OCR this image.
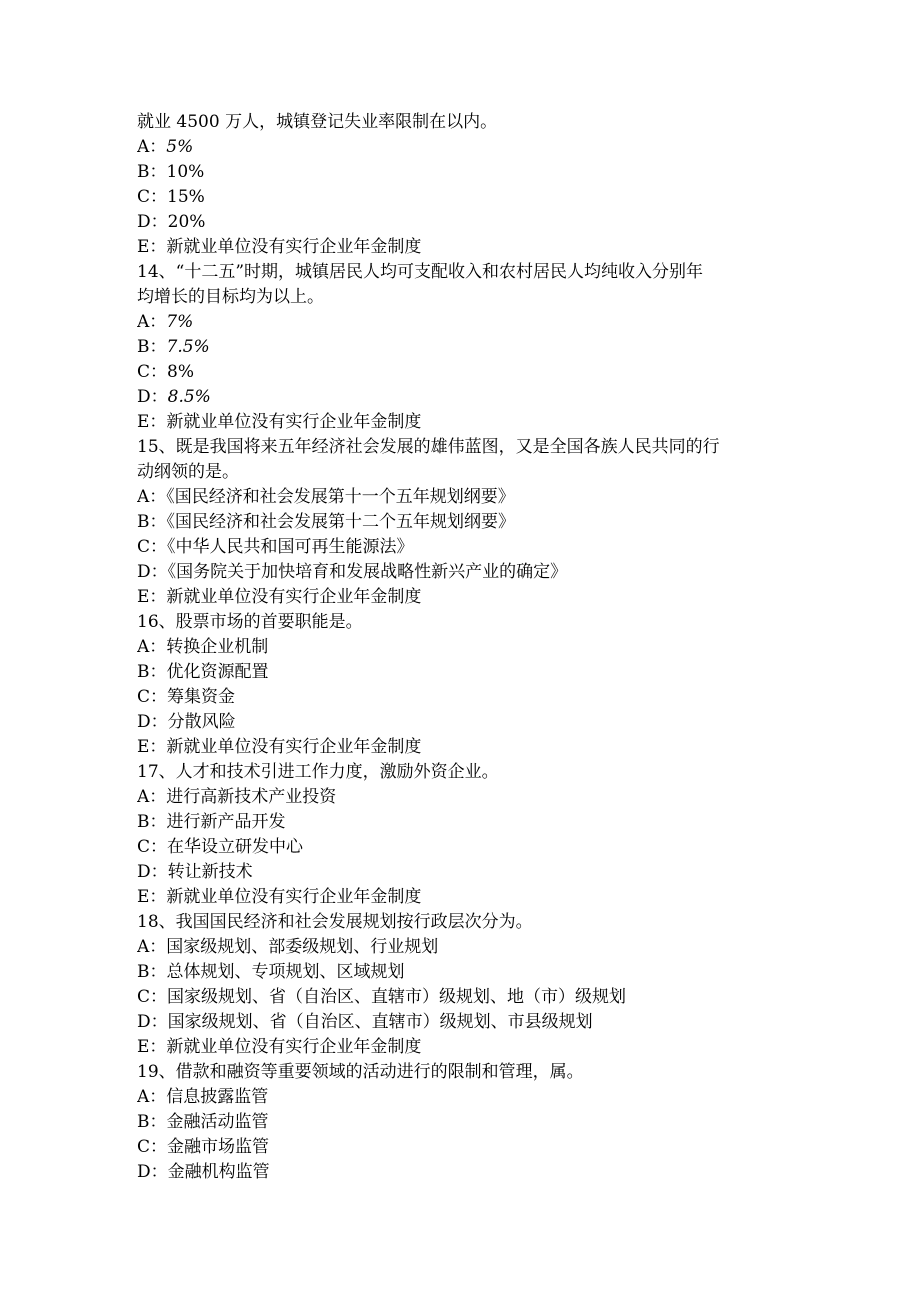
就业 4500 万人，城镇登记失业率限制在以内。
A：5%
B：10%
C：15%
D：20%
E：新就业单位没有实行企业年金制度
14、“十二五”时期，城镇居民人均可支配收入和农村居民人均纯收入分别年
均增长的目标均为以上。
A：7%
B：7.5%
C：8%
D：8.5%
E：新就业单位没有实行企业年金制度
15、既是我国将来五年经济社会发展的雄伟蓝图，又是全国各族人民共同的行
动纲领的是。
A：《国民经济和社会发展第十一个五年规划纲要》
B：《国民经济和社会发展第十二个五年规划纲要》
C：《中华人民共和国可再生能源法》
D：《国务院关于加快培育和发展战略性新兴产业的确定》
E：新就业单位没有实行企业年金制度
16、股票市场的首要职能是。
A：转换企业机制
B：优化资源配置
C：筹集资金
D：分散风险
E：新就业单位没有实行企业年金制度
17、人才和技术引进工作力度，激励外资企业。
A：进行高新技术产业投资
B：进行新产品开发
C：在华设立研发中心
D：转让新技术
E：新就业单位没有实行企业年金制度
18、我国国民经济和社会发展规划按行政层次分为。
A：国家级规划、部委级规划、行业规划
B：总体规划、专项规划、区域规划
C：国家级规划、省（自治区、直辖市）级规划、地（市）级规划
D：国家级规划、省（自治区、直辖市）级规划、市县级规划
E：新就业单位没有实行企业年金制度
19、借款和融资等重要领域的活动进行的限制和管理，属。
A：信息披露监管
B：金融活动监管
C：金融市场监管
D：金融机构监管
